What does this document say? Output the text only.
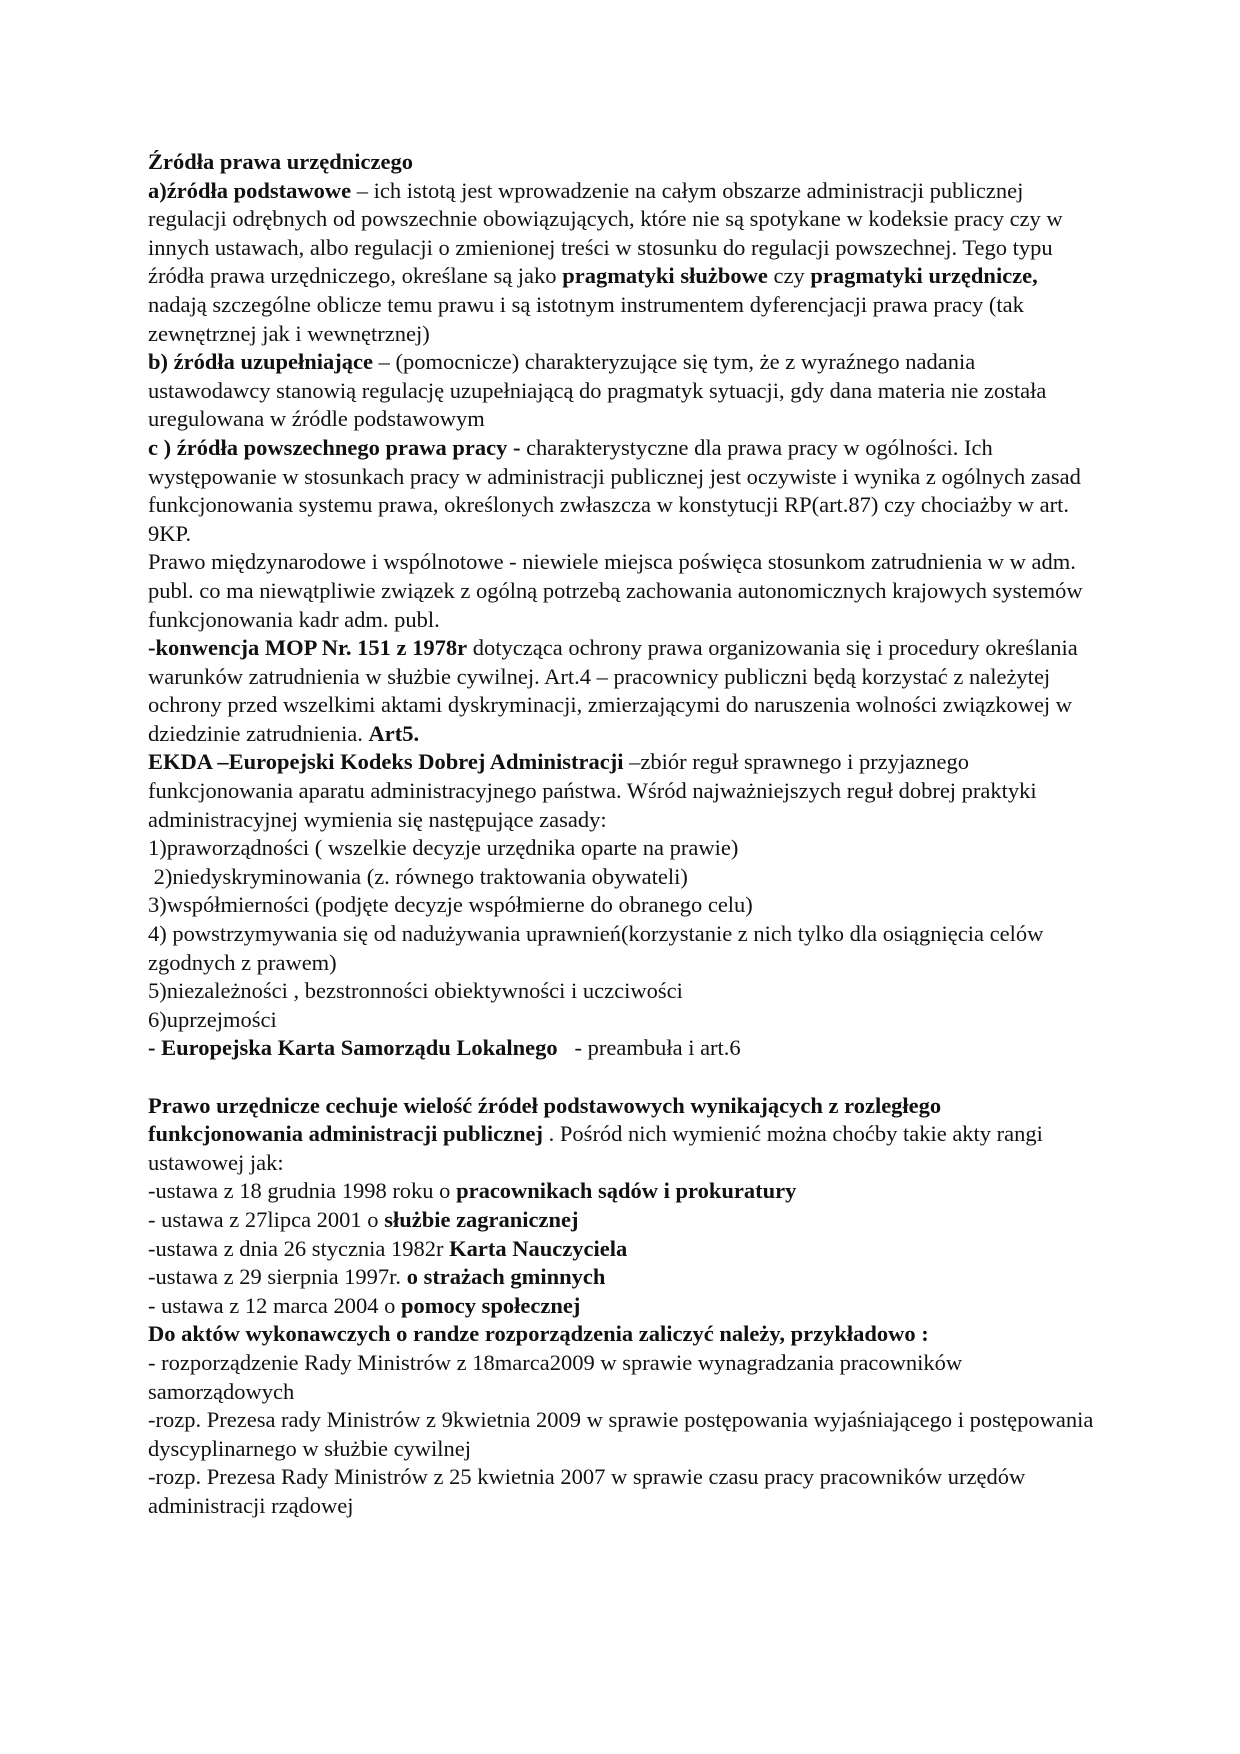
Źródła prawa urzędniczego

a)źródła podstawowe – ich istotą jest wprowadzenie na całym obszarze administracji publicznej regulacji odrębnych od powszechnie obowiązujących, które nie są spotykane w kodeksie pracy czy w innych ustawach, albo regulacji o zmienionej treści w stosunku do regulacji powszechnej. Tego typu źródła prawa urzędniczego, określane są jako pragmatyki służbowe czy pragmatyki urzędnicze, nadają szczególne oblicze temu prawu i są istotnym instrumentem dyferencjacji prawa pracy (tak zewnętrznej jak i wewnętrznej)

b) źródła uzupełniające – (pomocnicze) charakteryzujące się tym, że z wyraźnego nadania ustawodawcy stanowią regulację uzupełniającą do pragmatyk sytuacji, gdy dana materia nie została uregulowana w źródle podstawowym

c ) źródła powszechnego prawa pracy - charakterystyczne dla prawa pracy w ogólności. Ich występowanie w stosunkach pracy w administracji publicznej jest oczywiste i wynika z ogólnych zasad funkcjonowania systemu prawa, określonych zwłaszcza w konstytucji RP(art.87) czy chociażby w art. 9KP.

Prawo międzynarodowe i wspólnotowe - niewiele miejsca poświęca stosunkom zatrudnienia w w adm. publ. co ma niewątpliwie związek z ogólną potrzebą zachowania autonomicznych krajowych systemów funkcjonowania kadr adm. publ.

-konwencja MOP Nr. 151 z 1978r dotycząca ochrony prawa organizowania się i procedury określania warunków zatrudnienia w służbie cywilnej. Art.4 – pracownicy publiczni będą korzystać z należytej ochrony przed wszelkimi aktami dyskryminacji, zmierzającymi do naruszenia wolności związkowej w dziedzinie zatrudnienia. Art5.

EKDA –Europejski Kodeks Dobrej Administracji –zbiór reguł sprawnego i przyjaznego funkcjonowania aparatu administracyjnego państwa. Wśród najważniejszych reguł dobrej praktyki administracyjnej wymienia się następujące zasady:

1)praworządności ( wszelkie decyzje urzędnika oparte na prawie)

2)niedyskryminowania (z. równego traktowania obywateli)

3)współmierności (podjęte decyzje współmierne do obranego celu)

4) powstrzymywania się od nadużywania uprawnień(korzystanie z nich tylko dla osiągnięcia celów zgodnych z prawem)

5)niezależności , bezstronności obiektywności i uczciwości

6)uprzejmości

- Europejska Karta Samorządu Lokalnego   - preambuła i art.6

Prawo urzędnicze cechuje wielość źródeł podstawowych wynikających z rozległego funkcjonowania administracji publicznej . Pośród nich wymienić można choćby takie akty rangi ustawowej jak:

-ustawa z 18 grudnia 1998 roku o pracownikach sądów i prokuratury

- ustawa z 27lipca 2001 o służbie zagranicznej

-ustawa z dnia 26 stycznia 1982r Karta Nauczyciela

-ustawa z 29 sierpnia 1997r. o strażach gminnych

- ustawa z 12 marca 2004 o pomocy społecznej

Do aktów wykonawczych o randze rozporządzenia zaliczyć należy, przykładowo :

- rozporządzenie Rady Ministrów z 18marca2009 w sprawie wynagradzania pracowników samorządowych

-rozp. Prezesa rady Ministrów z 9kwietnia 2009 w sprawie postępowania wyjaśniającego i postępowania dyscyplinarnego w służbie cywilnej

-rozp. Prezesa Rady Ministrów z 25 kwietnia 2007 w sprawie czasu pracy pracowników urzędów administracji rządowej
